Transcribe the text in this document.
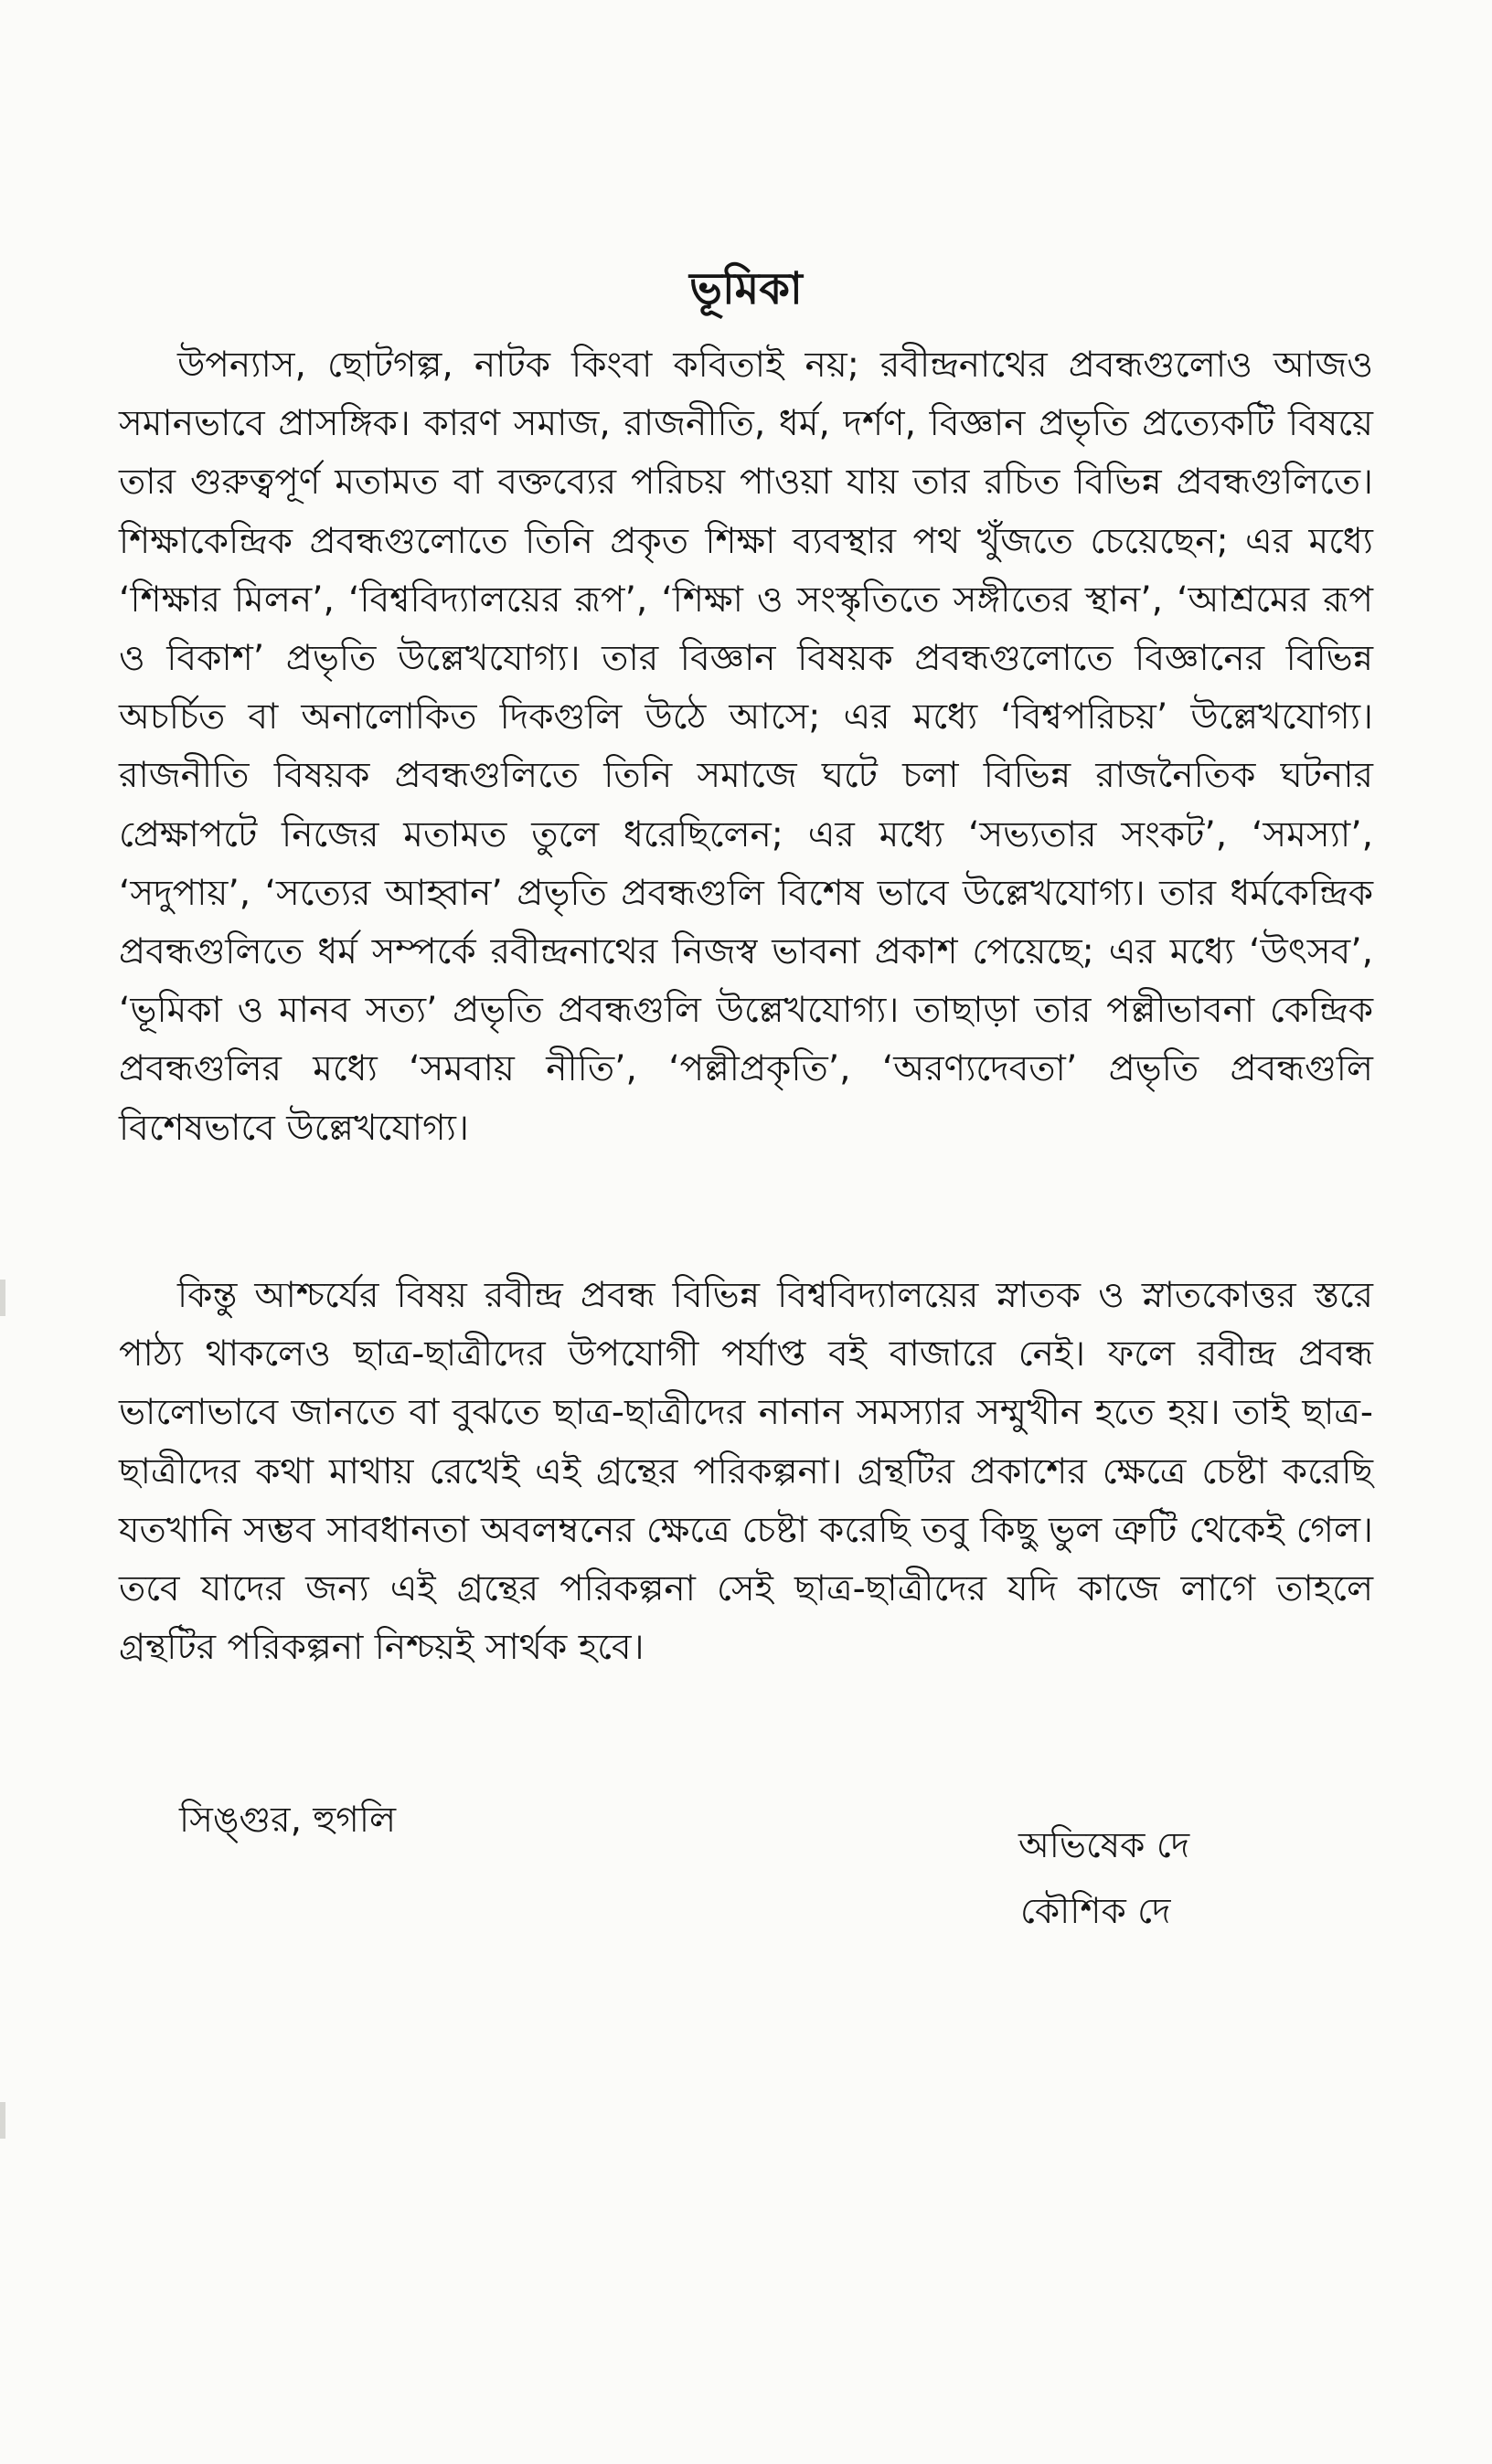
ভূমিকা

উপন্যাস, ছোটগল্প, নাটক কিংবা কবিতাই নয়; রবীন্দ্রনাথের প্রবন্ধগুলোও আজও সমানভাবে প্রাসঙ্গিক। কারণ সমাজ, রাজনীতি, ধর্ম, দর্শণ, বিজ্ঞান প্রভৃতি প্রত্যেকটি বিষয়ে তার গুরুত্বপূর্ণ মতামত বা বক্তব্যের পরিচয় পাওয়া যায় তার রচিত বিভিন্ন প্রবন্ধগুলিতে। শিক্ষাকেন্দ্রিক প্রবন্ধগুলোতে তিনি প্রকৃত শিক্ষা ব্যবস্থার পথ খুঁজতে চেয়েছেন; এর মধ্যে ‘শিক্ষার মিলন’, ‘বিশ্ববিদ্যালয়ের রূপ’, ‘শিক্ষা ও সংস্কৃতিতে সঙ্গীতের স্থান’, ‘আশ্রমের রূপ ও বিকাশ’ প্রভৃতি উল্লেখযোগ্য। তার বিজ্ঞান বিষয়ক প্রবন্ধগুলোতে বিজ্ঞানের বিভিন্ন অচর্চিত বা অনালোকিত দিকগুলি উঠে আসে; এর মধ্যে ‘বিশ্বপরিচয়’ উল্লেখযোগ্য। রাজনীতি বিষয়ক প্রবন্ধগুলিতে তিনি সমাজে ঘটে চলা বিভিন্ন রাজনৈতিক ঘটনার প্রেক্ষাপটে নিজের মতামত তুলে ধরেছিলেন; এর মধ্যে ‘সভ্যতার সংকট’, ‘সমস্যা’, ‘সদুপায়’, ‘সত্যের আহ্বান’ প্রভৃতি প্রবন্ধগুলি বিশেষ ভাবে উল্লেখযোগ্য। তার ধর্মকেন্দ্রিক প্রবন্ধগুলিতে ধর্ম সম্পর্কে রবীন্দ্রনাথের নিজস্ব ভাবনা প্রকাশ পেয়েছে; এর মধ্যে ‘উৎসব’, ‘ভূমিকা ও মানব সত্য’ প্রভৃতি প্রবন্ধগুলি উল্লেখযোগ্য। তাছাড়া তার পল্লীভাবনা কেন্দ্রিক প্রবন্ধগুলির মধ্যে ‘সমবায় নীতি’, ‘পল্লীপ্রকৃতি’, ‘অরণ্যদেবতা’ প্রভৃতি প্রবন্ধগুলি বিশেষভাবে উল্লেখযোগ্য।

কিন্তু আশ্চর্যের বিষয় রবীন্দ্র প্রবন্ধ বিভিন্ন বিশ্ববিদ্যালয়ের স্নাতক ও স্নাতকোত্তর স্তরে পাঠ্য থাকলেও ছাত্র-ছাত্রীদের উপযোগী পর্যাপ্ত বই বাজারে নেই। ফলে রবীন্দ্র প্রবন্ধ ভালোভাবে জানতে বা বুঝতে ছাত্র-ছাত্রীদের নানান সমস্যার সম্মুখীন হতে হয়। তাই ছাত্র-ছাত্রীদের কথা মাথায় রেখেই এই গ্রন্থের পরিকল্পনা। গ্রন্থটির প্রকাশের ক্ষেত্রে চেষ্টা করেছি যতখানি সম্ভব সাবধানতা অবলম্বনের ক্ষেত্রে চেষ্টা করেছি তবু কিছু ভুল ত্রুটি থেকেই গেল। তবে যাদের জন্য এই গ্রন্থের পরিকল্পনা সেই ছাত্র-ছাত্রীদের যদি কাজে লাগে তাহলে গ্রন্থটির পরিকল্পনা নিশ্চয়ই সার্থক হবে।

সিঙ্গুর, হুগলি

অভিষেক দে

কৌশিক দে
